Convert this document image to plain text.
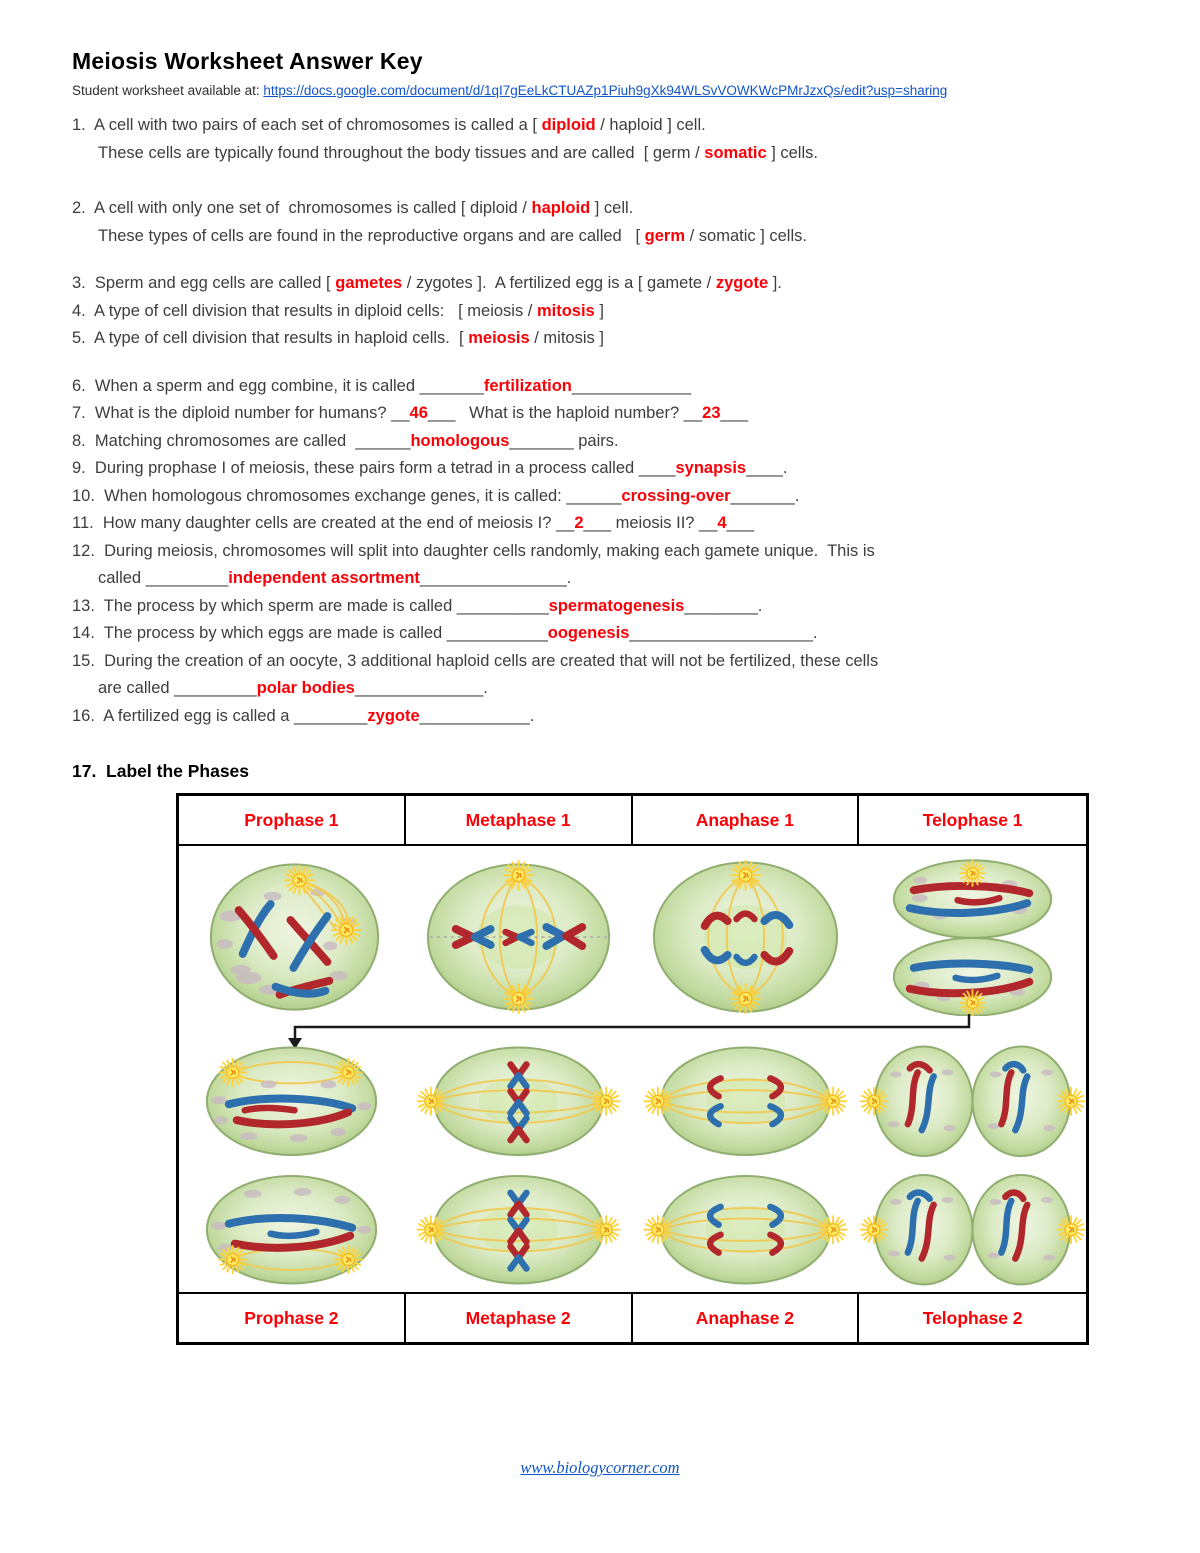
Meiosis Worksheet Answer Key
Student worksheet available at: https://docs.google.com/document/d/1qI7gEeLkCTUAZp1Piuh9gXk94WLSvVOWKWcPMrJzxQs/edit?usp=sharing
1.  A cell with two pairs of each set of chromosomes is called a [ diploid / haploid ] cell.
These cells are typically found throughout the body tissues and are called  [ germ / somatic ] cells.
2.  A cell with only one set of  chromosomes is called [ diploid / haploid ] cell.
These types of cells are found in the reproductive organs and are called   [ germ / somatic ] cells.
3.  Sperm and egg cells are called [ gametes / zygotes ].  A fertilized egg is a [ gamete / zygote ].
4.  A type of cell division that results in diploid cells:   [ meiosis / mitosis ]
5.  A type of cell division that results in haploid cells.  [ meiosis / mitosis ]
6.  When a sperm and egg combine, it is called _______fertilization_____________
7.  What is the diploid number for humans? __46___   What is the haploid number? __23___
8.  Matching chromosomes are called  ______homologous_______ pairs.
9.  During prophase I of meiosis, these pairs form a tetrad in a process called ____synapsis____.
10.  When homologous chromosomes exchange genes, it is called: ______crossing-over_______.
11.  How many daughter cells are created at the end of meiosis I? __2___ meiosis II? __4___
12.  During meiosis, chromosomes will split into daughter cells randomly, making each gamete unique.  This is
called _________independent assortment________________.
13.  The process by which sperm are made is called __________spermatogenesis________.
14.  The process by which eggs are made is called ___________oogenesis____________________.
15.  During the creation of an oocyte, 3 additional haploid cells are created that will not be fertilized, these cells
are called _________polar bodies______________.
16.  A fertilized egg is called a ________zygote____________.
17.  Label the Phases
Prophase 1	Metaphase 1	Anaphase 1	Telophase 1
Prophase 2	Metaphase 2	Anaphase 2	Telophase 2
www.biologycorner.com
